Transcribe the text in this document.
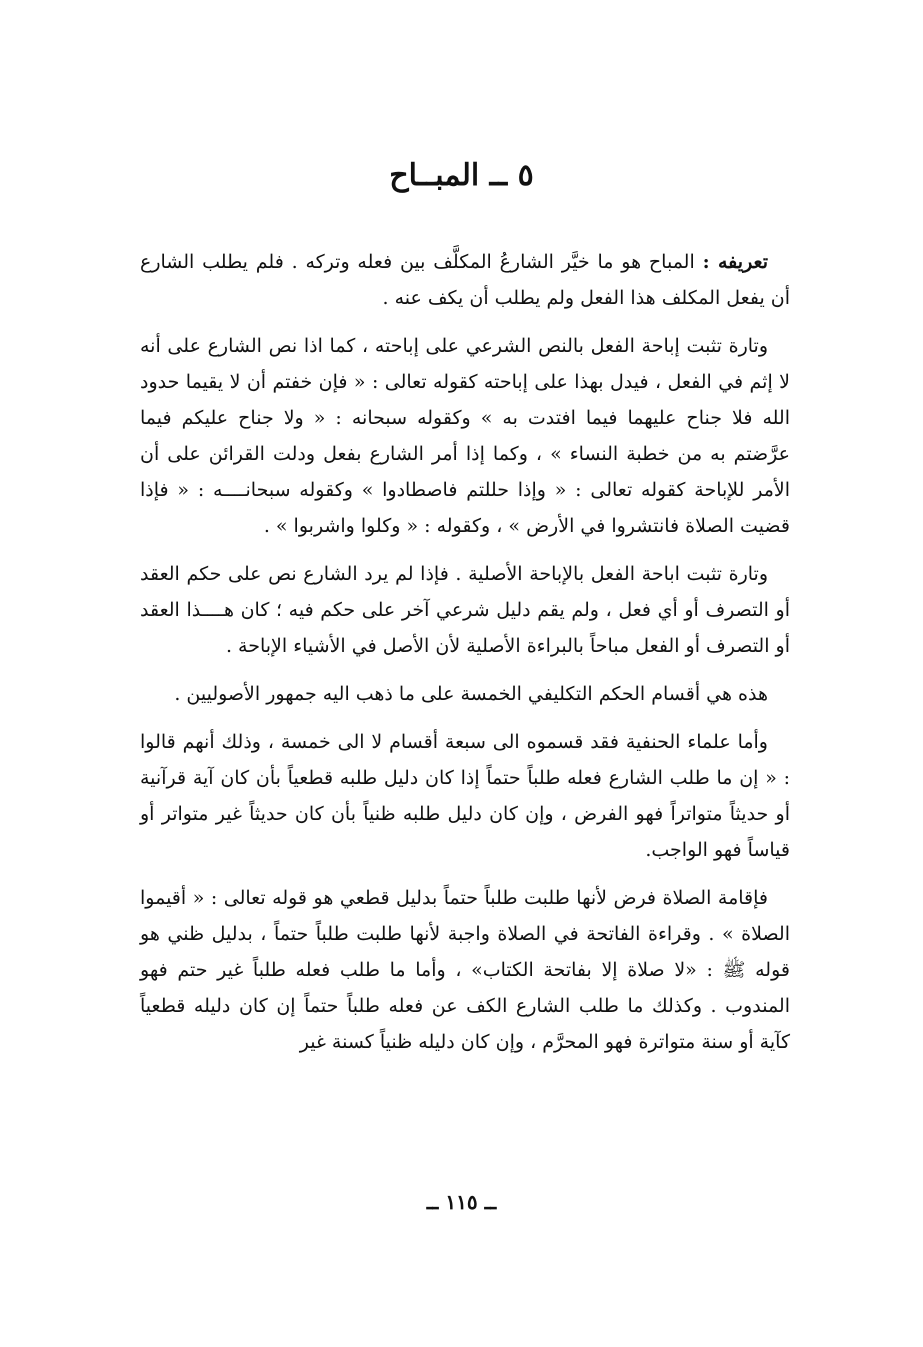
٥ ــ المبــاح

تعريفه : المباح هو ما خيَّر الشارعُ المكلَّف بين فعله وتركه . فلم يطلب الشارع أن يفعل المكلف هذا الفعل ولم يطلب أن يكف عنه .

وتارة تثبت إباحة الفعل بالنص الشرعي على إباحته ، كما اذا نص الشارع على أنه لا إثم في الفعل ، فيدل بهذا على إباحته كقوله تعالى : « فإن خفتم أن لا يقيما حدود الله فلا جناح عليهما فيما افتدت به » وكقوله سبحانه : « ولا جناح عليكم فيما عرَّضتم به من خطبة النساء » ، وكما إذا أمر الشارع بفعل ودلت القرائن على أن الأمر للإباحة كقوله تعالى : « وإذا حللتم فاصطادوا » وكقوله سبحانــــه : « فإذا قضيت الصلاة فانتشروا في الأرض » ، وكقوله : « وكلوا واشربوا » .

وتارة تثبت اباحة الفعل بالإباحة الأصلية . فإذا لم يرد الشارع نص على حكم العقد أو التصرف أو أي فعل ، ولم يقم دليل شرعي آخر على حكم فيه ؛ كان هــــذا العقد أو التصرف أو الفعل مباحاً بالبراءة الأصلية لأن الأصل في الأشياء الإباحة .

هذه هي أقسام الحكم التكليفي الخمسة على ما ذهب اليه جمهور الأصوليين .

وأما علماء الحنفية فقد قسموه الى سبعة أقسام لا الى خمسة ، وذلك أنهم قالوا : « إن ما طلب الشارع فعله طلباً حتماً إذا كان دليل طلبه قطعياً بأن كان آية قرآنية أو حديثاً متواتراً فهو الفرض ، وإن كان دليل طلبه ظنياً بأن كان حديثاً غير متواتر أو قياساً فهو الواجب.

فإقامة الصلاة فرض لأنها طلبت طلباً حتماً بدليل قطعي هو قوله تعالى : « أقيموا الصلاة » . وقراءة الفاتحة في الصلاة واجبة لأنها طلبت طلباً حتماً ، بدليل ظني هو قوله ﷺ : «لا صلاة إلا بفاتحة الكتاب» ، وأما ما طلب فعله طلباً غير حتم فهو المندوب . وكذلك ما طلب الشارع الكف عن فعله طلباً حتماً إن كان دليله قطعياً كآية أو سنة متواترة فهو المحرَّم ، وإن كان دليله ظنياً كسنة غير

ــ ١١٥ ــ
